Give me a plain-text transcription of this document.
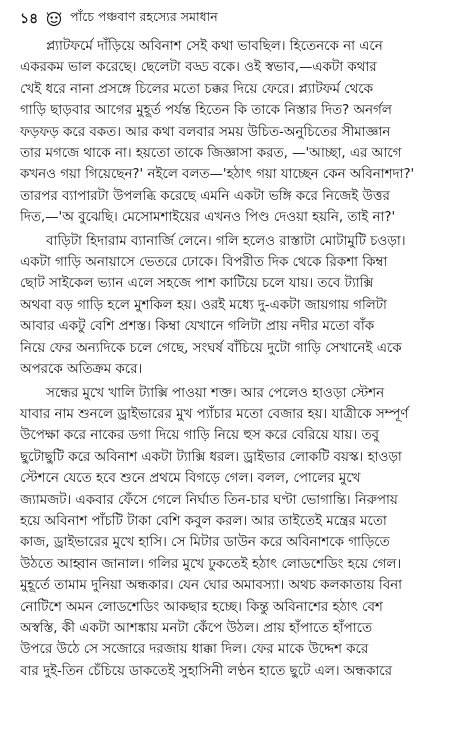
১৪	পাঁচে পঞ্চবাণ রহস্যের সমাধান
প্ল্যাটফর্মে দাঁড়িয়ে অবিনাশ সেই কথা ভাবছিল। হিতেনকে না এনে
একরকম ভাল করেছে। ছেলেটা বড্ড বকে। ওই স্বভাব,—একটা কথার
খেই ধরে নানা প্রসঙ্গে চিলের মতো চক্কর দিয়ে ফেরে। প্ল্যাটফর্ম থেকে
গাড়ি ছাড়বার আগের মুহূর্ত পর্যন্ত হিতেন কি তাকে নিস্তার দিত? অনর্গল
ফড়ফড় করে বকত। আর কথা বলবার সময় উচিত-অনুচিতের সীমাজ্ঞান
তার মগজে থাকে না। হয়তো তাকে জিজ্ঞাসা করত, —'আচ্ছা, এর আগে
কখনও গয়া গিয়েছেন?' নইলে বলত—'হঠাৎ গয়া যাচ্ছেন কেন অবিনাশদা?'
তারপর ব্যাপারটা উপলব্ধি করেছে এমনি একটা ভঙ্গি করে নিজেই উত্তর
দিত,—'অ বুঝেছি। মেসোমশাইয়ের এখনও পিণ্ড দেওয়া হয়নি, তাই না?'
বাড়িটা হিদারাম ব্যানার্জি লেনে। গলি হলেও রাস্তাটা মোটামুটি চওড়া।
একটা গাড়ি অনায়াসে ভেতরে ঢোকে। বিপরীত দিক থেকে রিকশা কিম্বা
ছোট সাইকেল ভ্যান এলে সহজে পাশ কাটিয়ে চলে যায়। তবে ট্যাক্সি
অথবা বড় গাড়ি হলে মুশকিল হয়। ওরই মধ্যে দু-একটা জায়গায় গলিটা
আবার একটু বেশি প্রশস্ত। কিম্বা যেখানে গলিটা প্রায় নদীর মতো বাঁক
নিয়ে ফের অন্যদিকে চলে গেছে, সংঘর্ষ বাঁচিয়ে দুটো গাড়ি সেখানেই একে
অপরকে অতিক্রম করে।
সন্ধের মুখে খালি ট্যাক্সি পাওয়া শক্ত। আর পেলেও হাওড়া স্টেশন
যাবার নাম শুনলে ড্রাইভারের মুখ প্যাঁচার মতো বেজার হয়। যাত্রীকে সম্পূর্ণ
উপেক্ষা করে নাকের ডগা দিয়ে গাড়ি নিয়ে হুস করে বেরিয়ে যায়। তবু
ছুটোছুটি করে অবিনাশ একটা ট্যাক্সি ধরল। ড্রাইভার লোকটি বয়স্ক। হাওড়া
স্টেশনে যেতে হবে শুনে প্রথমে বিগড়ে গেল। বলল, পোলের মুখে
জ্যামজট। একবার ফেঁসে গেলে নির্ঘাত তিন-চার ঘণ্টা ভোগান্তি। নিরুপায়
হয়ে অবিনাশ পাঁচটি টাকা বেশি কবুল করল। আর তাইতেই মন্ত্রের মতো
কাজ, ড্রাইভারের মুখে হাসি। সে মিটার ডাউন করে অবিনাশকে গাড়িতে
উঠতে আহ্বান জানাল। গলির মুখে ঢুকতেই হঠাৎ লোডশেডিং হয়ে গেল।
মুহূর্তে তামাম দুনিয়া অন্ধকার। যেন ঘোর অমাবস্যা। অথচ কলকাতায় বিনা
নোটিশে অমন লোডশেডিং আকছার হচ্ছে। কিন্তু অবিনাশের হঠাৎ বেশ
অস্বস্তি, কী একটা আশঙ্কায় মনটা কেঁপে উঠল। প্রায় হাঁপাতে হাঁপাতে
উপরে উঠে সে সজোরে দরজায় ধাক্কা দিল। ফের মাকে উদ্দেশ করে
বার দুই-তিন চেঁচিয়ে ডাকতেই সুহাসিনী লণ্ঠন হাতে ছুটে এল। অন্ধকারে
